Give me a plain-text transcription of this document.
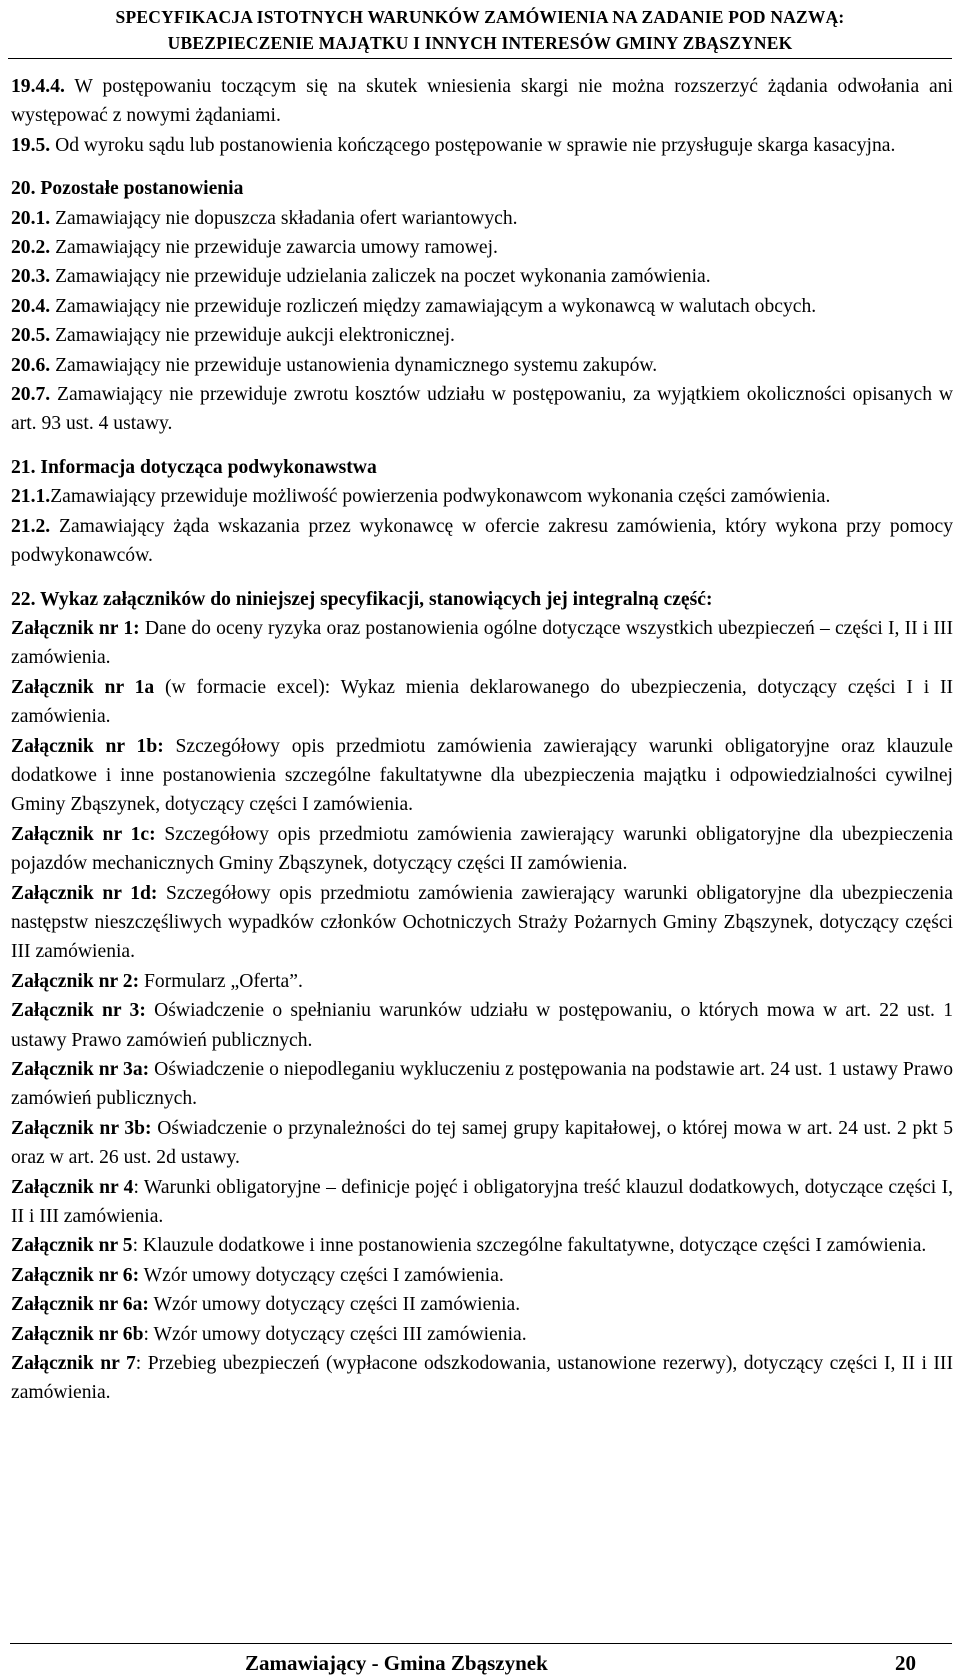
SPECYFIKACJA ISTOTNYCH WARUNKÓW ZAMÓWIENIA NA ZADANIE POD NAZWĄ:
UBEZPIECZENIE MAJĄTKU I INNYCH INTERESÓW GMINY ZBĄSZYNEK

19.4.4. W postępowaniu toczącym się na skutek wniesienia skargi nie można rozszerzyć żądania odwołania ani występować z nowymi żądaniami.

19.5. Od wyroku sądu lub postanowienia kończącego postępowanie w sprawie nie przysługuje skarga kasacyjna.

20. Pozostałe postanowienia

20.1. Zamawiający nie dopuszcza składania ofert wariantowych.

20.2. Zamawiający nie przewiduje zawarcia umowy ramowej.

20.3. Zamawiający nie przewiduje udzielania zaliczek na poczet wykonania zamówienia.

20.4. Zamawiający nie przewiduje rozliczeń między zamawiającym a wykonawcą w walutach obcych.

20.5. Zamawiający nie przewiduje aukcji elektronicznej.

20.6. Zamawiający nie przewiduje ustanowienia dynamicznego systemu zakupów.

20.7. Zamawiający nie przewiduje zwrotu kosztów udziału w postępowaniu, za wyjątkiem okoliczności opisanych w art. 93 ust. 4 ustawy.

21. Informacja dotycząca podwykonawstwa

21.1.Zamawiający przewiduje możliwość powierzenia podwykonawcom wykonania części zamówienia.

21.2. Zamawiający żąda wskazania przez wykonawcę w ofercie zakresu zamówienia, który wykona przy pomocy podwykonawców.

22. Wykaz załączników do niniejszej specyfikacji, stanowiących jej integralną część:

Załącznik nr 1: Dane do oceny ryzyka oraz postanowienia ogólne dotyczące wszystkich ubezpieczeń – części I, II i III zamówienia.

Załącznik nr 1a (w formacie excel): Wykaz mienia deklarowanego do ubezpieczenia, dotyczący części I i II zamówienia.

Załącznik nr 1b: Szczegółowy opis przedmiotu zamówienia zawierający warunki obligatoryjne oraz klauzule dodatkowe i inne postanowienia szczególne fakultatywne dla ubezpieczenia majątku i odpowiedzialności cywilnej Gminy Zbąszynek, dotyczący części I zamówienia.

Załącznik nr 1c: Szczegółowy opis przedmiotu zamówienia zawierający warunki obligatoryjne dla ubezpieczenia pojazdów mechanicznych Gminy Zbąszynek, dotyczący części II zamówienia.

Załącznik nr 1d: Szczegółowy opis przedmiotu zamówienia zawierający warunki obligatoryjne dla ubezpieczenia następstw nieszczęśliwych wypadków członków Ochotniczych Straży Pożarnych Gminy Zbąszynek, dotyczący części III zamówienia.

Załącznik nr 2: Formularz „Oferta”.

Załącznik nr 3: Oświadczenie o spełnianiu warunków udziału w postępowaniu, o których mowa w art. 22 ust. 1 ustawy Prawo zamówień publicznych.

Załącznik nr 3a: Oświadczenie o niepodleganiu wykluczeniu z postępowania na podstawie art. 24 ust. 1 ustawy Prawo zamówień publicznych.

Załącznik nr 3b: Oświadczenie o przynależności do tej samej grupy kapitałowej, o której mowa w art. 24 ust. 2 pkt 5 oraz w art. 26 ust. 2d ustawy.

Załącznik nr 4: Warunki obligatoryjne – definicje pojęć i obligatoryjna treść klauzul dodatkowych, dotyczące części I, II i III zamówienia.

Załącznik nr 5: Klauzule dodatkowe i inne postanowienia szczególne fakultatywne, dotyczące części I zamówienia.

Załącznik nr 6: Wzór umowy dotyczący części I zamówienia.

Załącznik nr 6a: Wzór umowy dotyczący części II zamówienia.

Załącznik nr 6b: Wzór umowy dotyczący części III zamówienia.

Załącznik nr 7: Przebieg ubezpieczeń (wypłacone odszkodowania, ustanowione rezerwy), dotyczący części I, II i III zamówienia.

Zamawiający - Gmina Zbąszynek	20
